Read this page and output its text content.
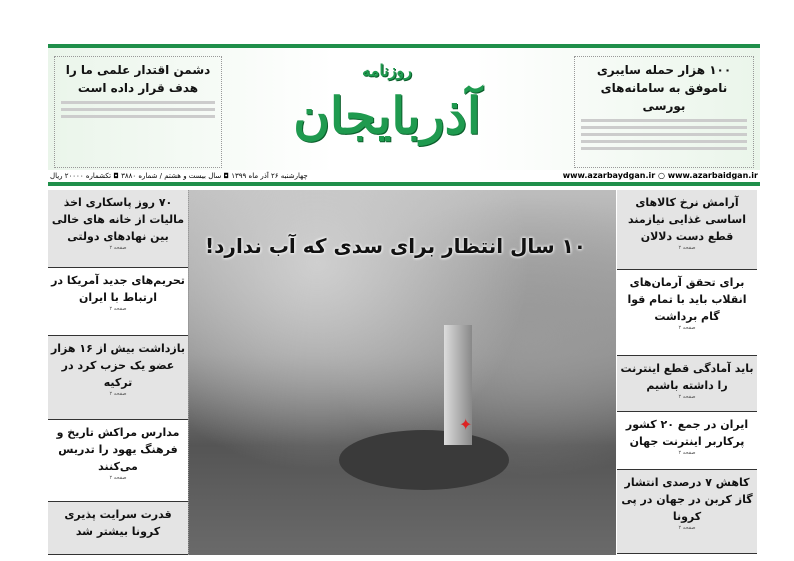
۱۰۰ هزار حمله سایبری ناموفق به سامانه‌های بورسی
دشمن اقتدار علمی ما را هدف قرار داده است
روزنامه
آذربایجان
www.azarbaydgan.ir ○ www.azarbaidgan.ir
چهارشنبه ۲۶ آذر ماه ۱۳۹۹ ◘ سال بیست و هشتم / شماره ۳۸۸۰ ◘ تکشماره ۲۰۰۰۰ ریال
۷۰ روز پاسکاری اخذ مالیات از خانه های خالی بین نهادهای دولتی
صفحه ۲
تحریم‌های جدید آمریکا در ارتباط با ایران
صفحه ۲
بازداشت بیش از ۱۶ هزار عضو یک حزب کرد در ترکیه
صفحه ۲
مدارس مراکش تاریخ و فرهنگ یهود را تدریس می‌کنند
صفحه ۲
قدرت سرایت پذیری کرونا بیشتر شد
۱۰ سال انتظار برای سدی که آب ندارد!
✦
آرامش نرخ کالاهای اساسی غذایی نیازمند قطع دست دلالان
صفحه ۲
برای تحقق آرمان‌های انقلاب باید با تمام قوا گام برداشت
صفحه ۲
باید آمادگی قطع اینترنت را داشته باشیم
صفحه ۲
ایران در جمع ۲۰ کشور پرکاربر اینترنت جهان
صفحه ۲
کاهش ۷ درصدی انتشار گاز کربن در جهان در پی کرونا
صفحه ۲
